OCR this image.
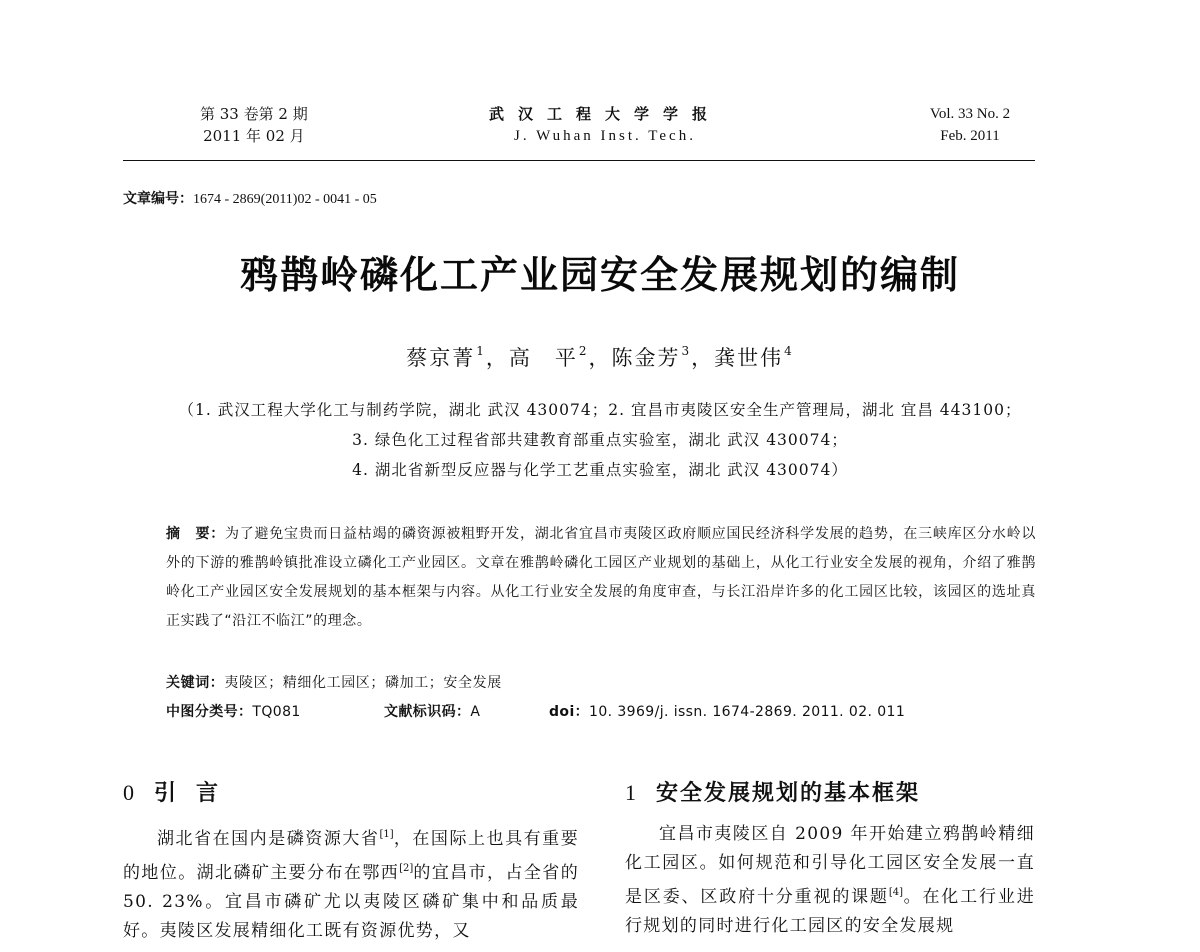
第 33 卷第 2 期
2011 年 02 月
武汉工程大学学报
J. Wuhan Inst. Tech.
Vol. 33 No. 2
Feb. 2011
文章编号：1674 - 2869(2011)02 - 0041 - 05
鸦鹊岭磷化工产业园安全发展规划的编制
蔡京菁$^1$，高　平$^2$，陈金芳$^3$，龚世伟$^4$
（1. 武汉工程大学化工与制药学院，湖北 武汉 430074；2. 宜昌市夷陵区安全生产管理局，湖北 宜昌 443100；
3. 绿色化工过程省部共建教育部重点实验室，湖北 武汉 430074；
4. 湖北省新型反应器与化学工艺重点实验室，湖北 武汉 430074）
摘　要：为了避免宝贵而日益枯竭的磷资源被粗野开发，湖北省宜昌市夷陵区政府顺应国民经济科学发展的趋势，在三峡库区分水岭以外的下游的雅鹊岭镇批准设立磷化工产业园区。文章在雅鹊岭磷化工园区产业规划的基础上，从化工行业安全发展的视角，介绍了雅鹊岭化工产业园区安全发展规划的基本框架与内容。从化工行业安全发展的角度审查，与长江沿岸许多的化工园区比较，该园区的选址真正实践了“沿江不临江”的理念。
关键词：夷陵区；精细化工园区；磷加工；安全发展
中图分类号：TQ081	文献标识码：A	doi：10. 3969/j. issn. 1674-2869. 2011. 02. 011
0 引言	1 安全发展规划的基本框架

湖北省在国内是磷资源大省[1]，在国际上也具有重要的地位。湖北磷矿主要分布在鄂西[2]的宜昌市，占全省的 50. 23%。宜昌市磷矿尤以夷陵区磷矿集中和品质最好。夷陵区发展精细化工既有资源优势，又

宜昌市夷陵区自 2009 年开始建立鸦鹊岭精细化工园区。如何规范和引导化工园区安全发展一直是区委、区政府十分重视的课题[4]。在化工行业进行规划的同时进行化工园区的安全发展规
